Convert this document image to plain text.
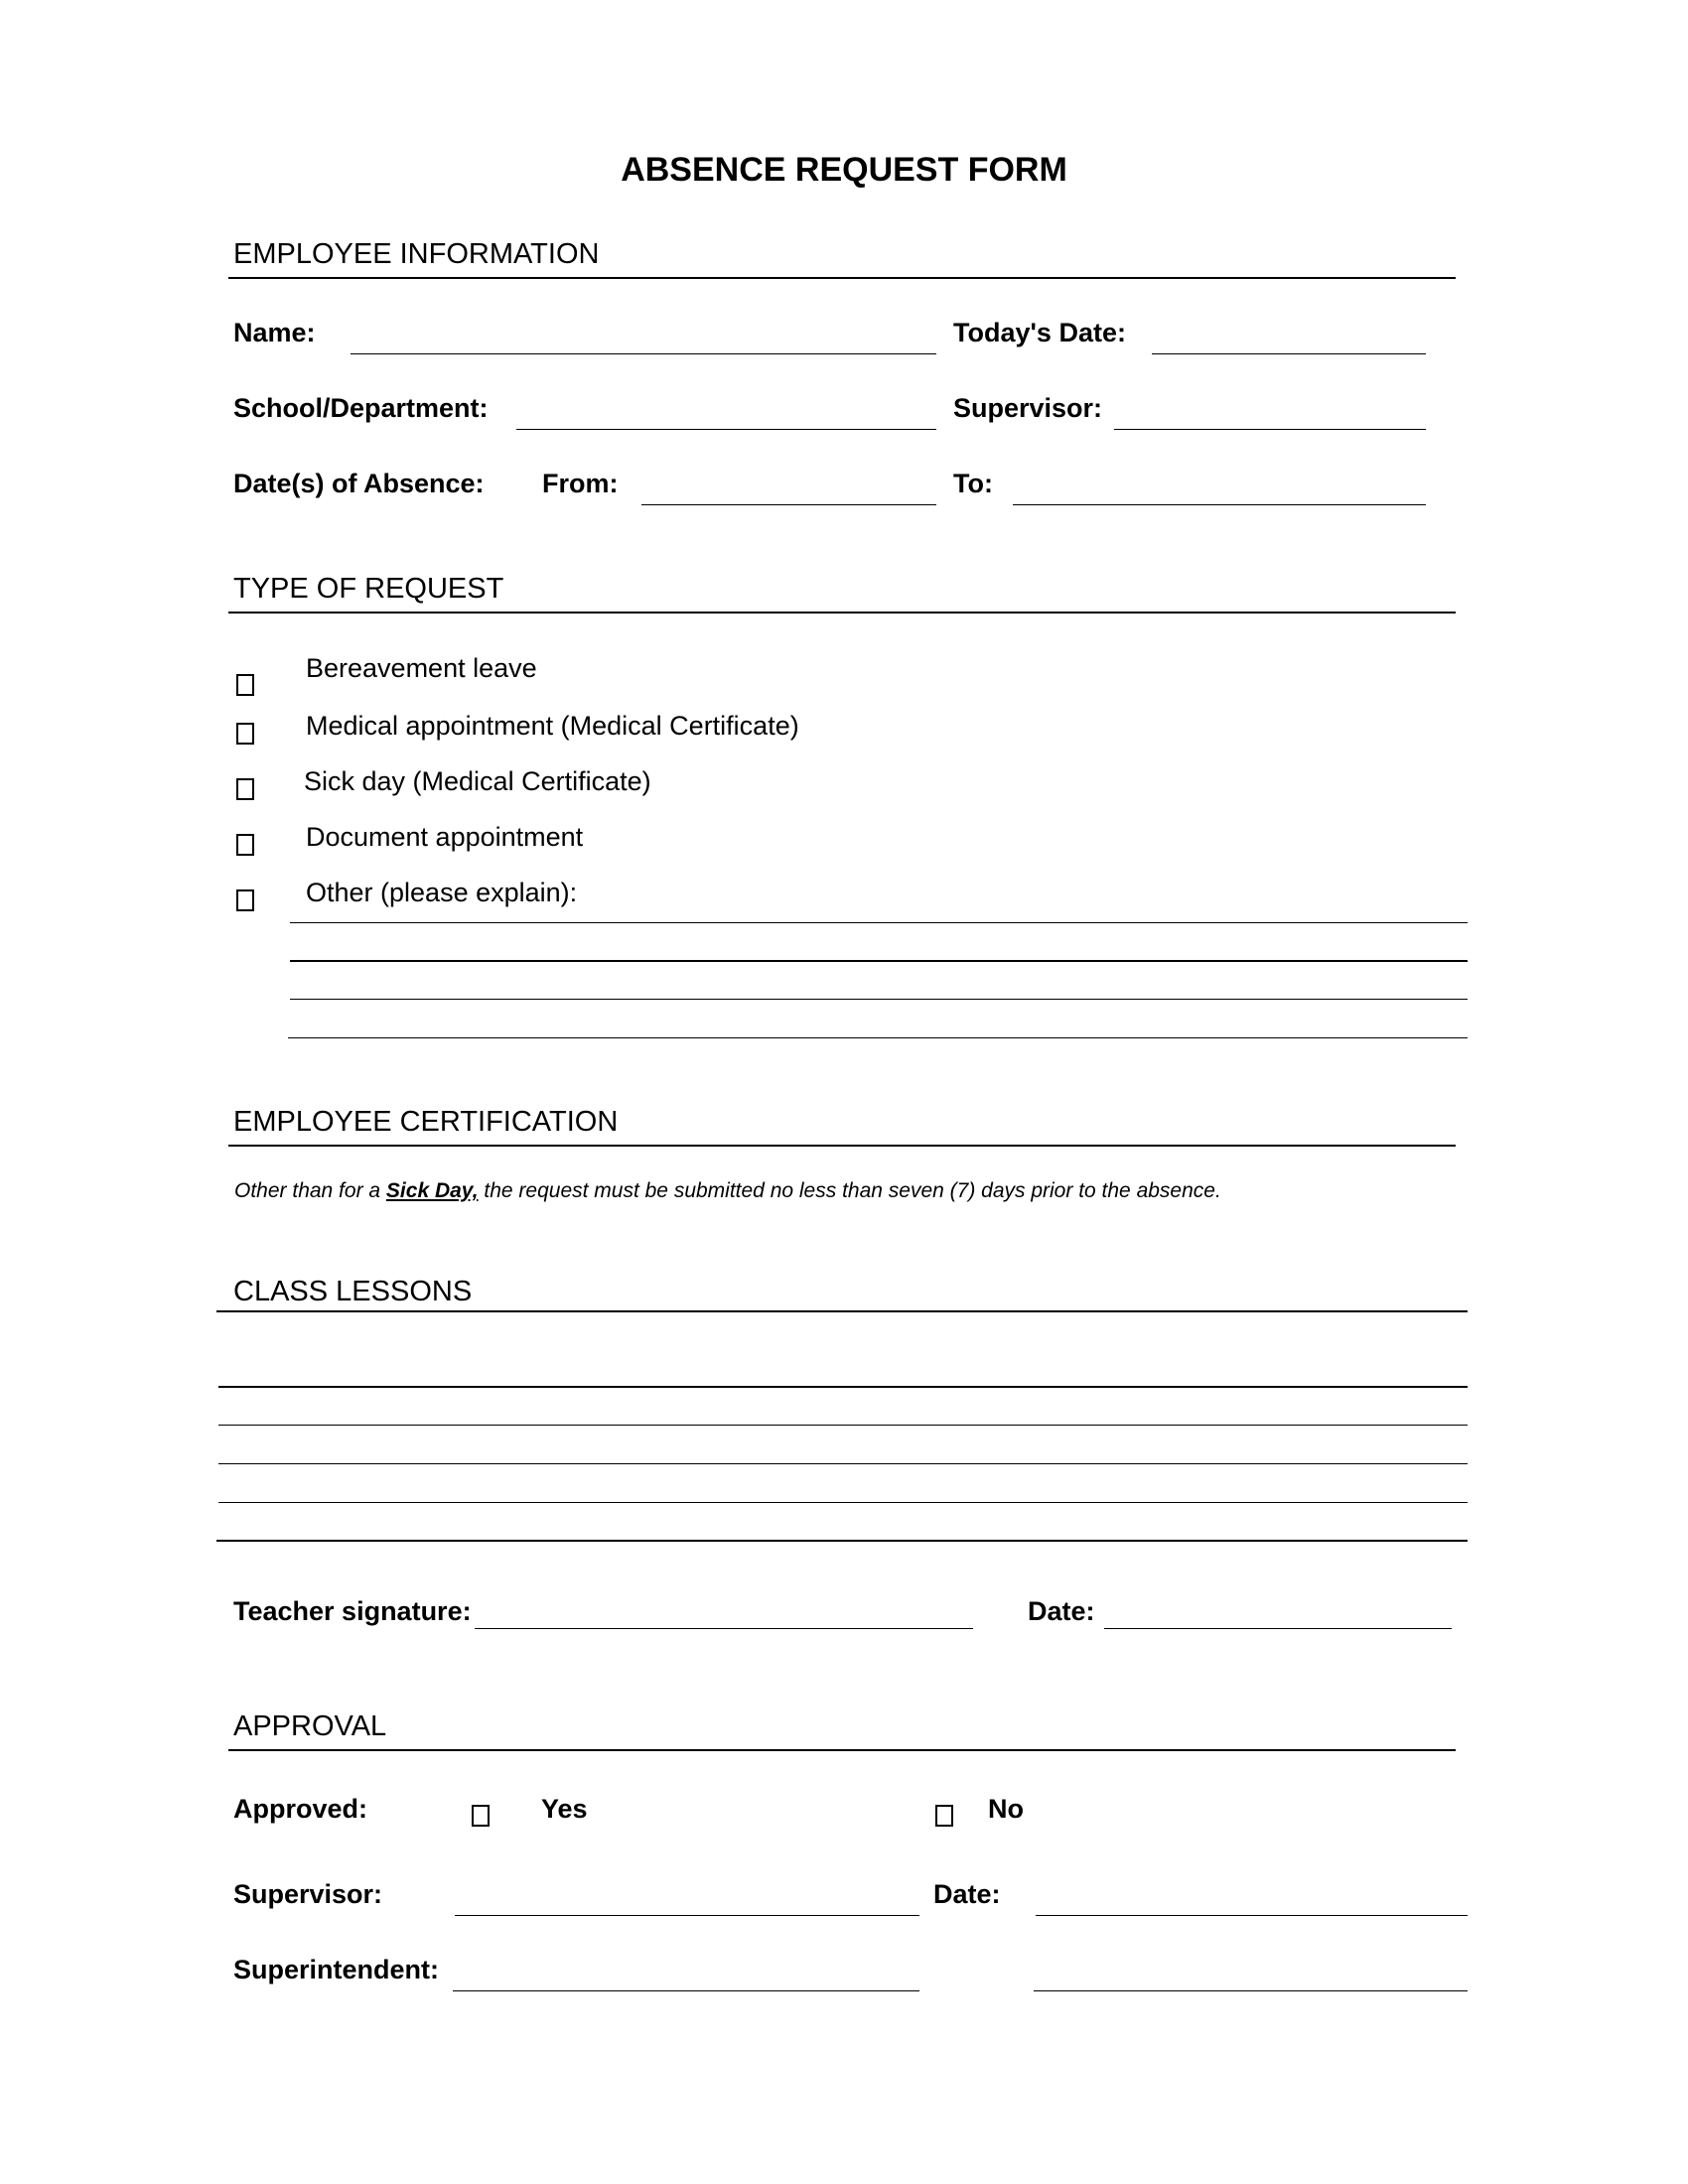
ABSENCE REQUEST FORM
EMPLOYEE INFORMATION
Name:	Today's Date:
School/Department:	Supervisor:
Date(s) of Absence: From:	To:
TYPE OF REQUEST
Bereavement leave
Medical appointment (Medical Certificate)
Sick day (Medical Certificate)
Document appointment
Other (please explain):
EMPLOYEE CERTIFICATION
Other than for a Sick Day, the request must be submitted no less than seven (7) days prior to the absence.
CLASS LESSONS
Teacher signature:	Date:
APPROVAL
Approved:	Yes	No
Supervisor:	Date:
Superintendent:
